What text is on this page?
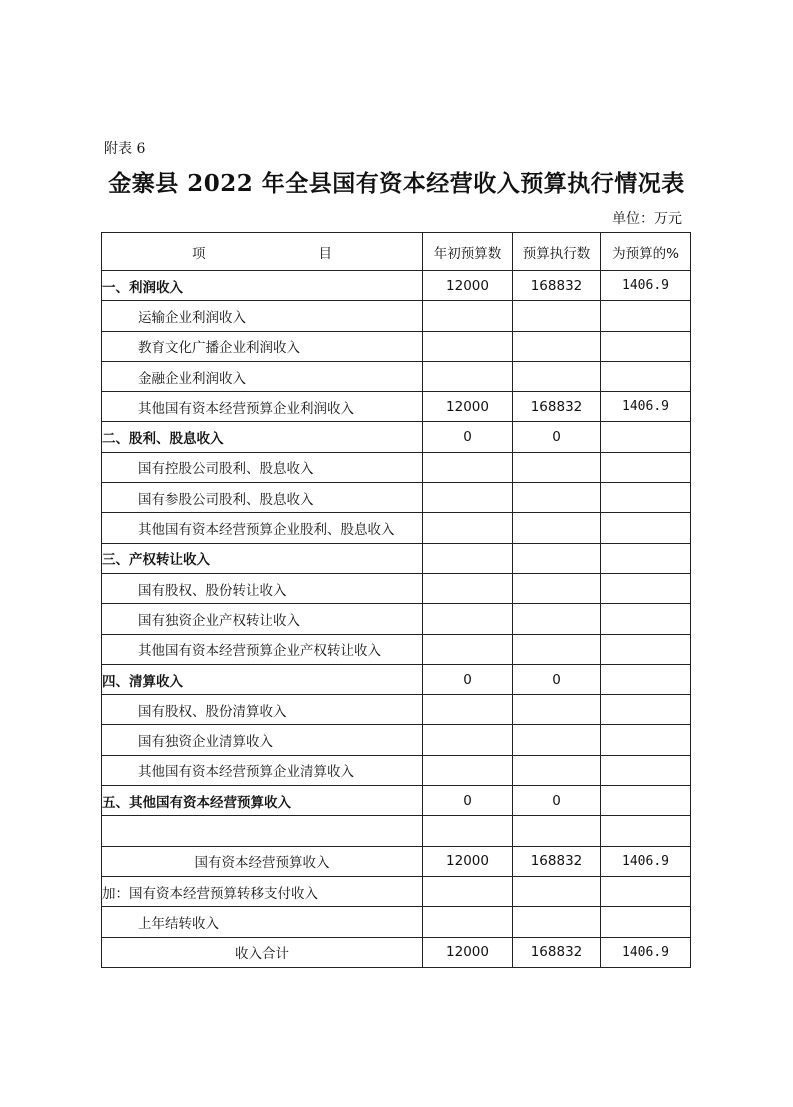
附表 6
金寨县 2022 年全县国有资本经营收入预算执行情况表
单位：万元
项 目	年初预算数	预算执行数	为预算的%
一、利润收入	12000	168832	1406.9
运输企业利润收入			
教育文化广播企业利润收入			
金融企业利润收入			
其他国有资本经营预算企业利润收入	12000	168832	1406.9
二、股利、股息收入	0	0	
国有控股公司股利、股息收入			
国有参股公司股利、股息收入			
其他国有资本经营预算企业股利、股息收入			
三、产权转让收入			
国有股权、股份转让收入			
国有独资企业产权转让收入			
其他国有资本经营预算企业产权转让收入			
四、清算收入	0	0	
国有股权、股份清算收入			
国有独资企业清算收入			
其他国有资本经营预算企业清算收入			
五、其他国有资本经营预算收入	0	0	

国有资本经营预算收入	12000	168832	1406.9
加：国有资本经营预算转移支付收入			
上年结转收入			
收入合计	12000	168832	1406.9
